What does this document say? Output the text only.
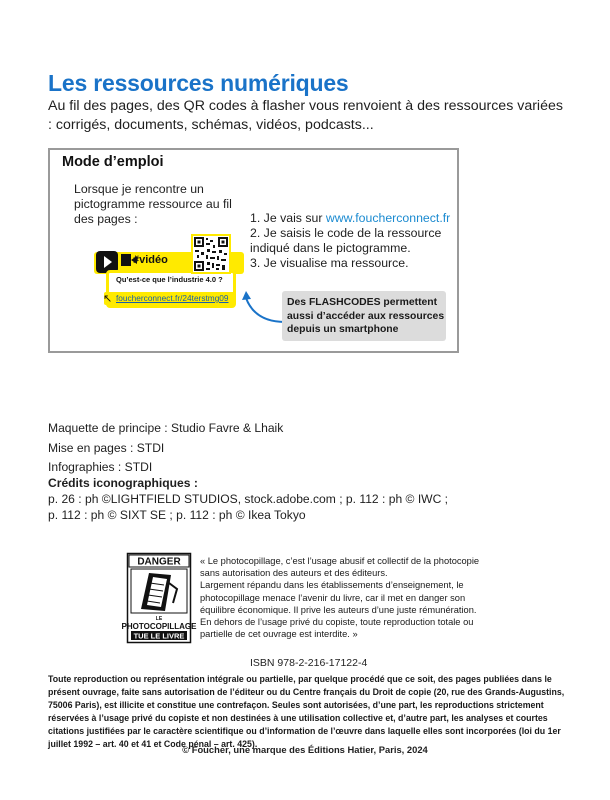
Les ressources numériques
Au fil des pages, des QR codes à flasher vous renvoient à des ressources variées : corrigés, documents, schémas, vidéos, podcasts...
Mode d’emploi
Lorsque je rencontre un pictogramme ressource au fil des pages :	1. Je vais sur www.foucherconnect.fr
2. Je saisis le code de la ressource indiqué dans le pictogramme.
3. Je visualise ma ressource.
#vidéo
Qu’est-ce que l’industrie 4.0 ?
↖ foucherconnect.fr/24terstmg09	Des FLASHCODES permettent aussi d’accéder aux ressources depuis un smartphone
Maquette de principe : Studio Favre & Lhaik
Mise en pages : STDI
Infographies : STDI
Crédits iconographiques :
p. 26 : ph ©LIGHTFIELD STUDIOS, stock.adobe.com ; p. 112 : ph © IWC ;
p. 112 : ph © SIXT SE ; p. 112 : ph © Ikea Tokyo
DANGER
LE
PHOTOCOPILLAGE
TUE LE LIVRE
« Le photocopillage, c’est l’usage abusif et collectif de la photocopie sans autorisation des auteurs et des éditeurs.
Largement répandu dans les établissements d’enseignement, le photocopillage menace l’avenir du livre, car il met en danger son équilibre économique. Il prive les auteurs d’une juste rémunération.
En dehors de l’usage privé du copiste, toute reproduction totale ou partielle de cet ouvrage est interdite. »
ISBN 978-2-216-17122-4
Toute reproduction ou représentation intégrale ou partielle, par quelque procédé que ce soit, des pages publiées dans le présent ouvrage, faite sans autorisation de l’éditeur ou du Centre français du Droit de copie (20, rue des Grands-Augustins, 75006 Paris), est illicite et constitue une contrefaçon. Seules sont autorisées, d’une part, les reproductions strictement réservées à l’usage privé du copiste et non destinées à une utilisation collective et, d’autre part, les analyses et courtes citations justifiées par le caractère scientifique ou d’information de l’œuvre dans laquelle elles sont incorporées (loi du 1er juillet 1992 – art. 40 et 41 et Code pénal – art. 425).
© Foucher, une marque des Éditions Hatier, Paris, 2024
